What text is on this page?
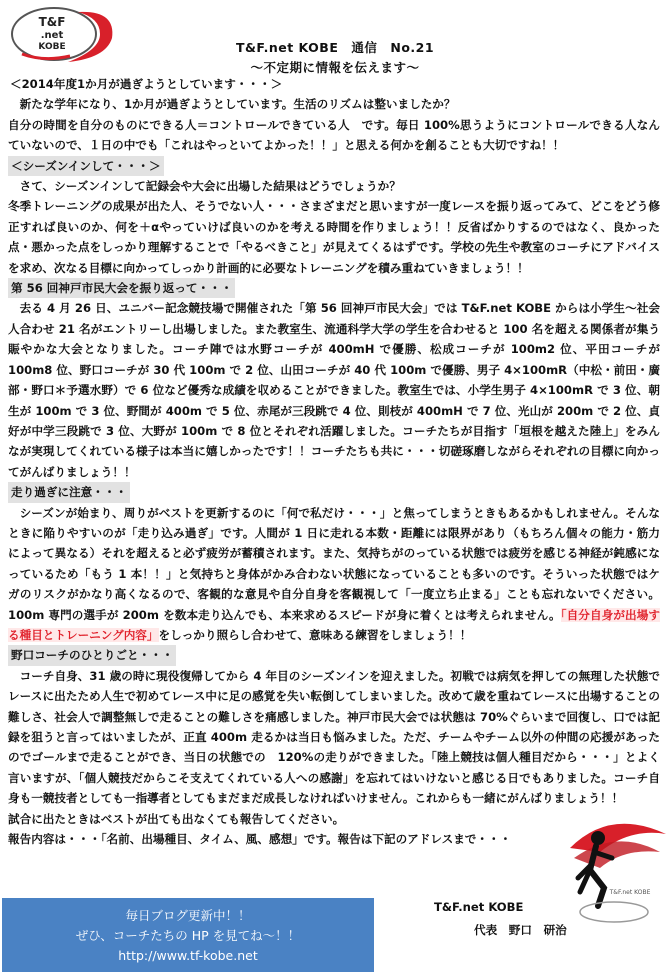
T&F
.net
KOBE	T&F.net KOBE　通信　No.21
～不定期に情報を伝えます～

＜2014年度1か月が過ぎようとしています・・・＞

新たな学年になり、1か月が過ぎようとしています。生活のリズムは整いましたか？

自分の時間を自分のものにできる人＝コントロールできている人　です。毎日 100%思うようにコントロールできる人なんていないので、１日の中でも「これはやっといてよかった！！」と思える何かを創ることも大切ですね！！

＜シーズンインして・・・＞

さて、シーズンインして記録会や大会に出場した結果はどうでしょうか？

冬季トレーニングの成果が出た人、そうでない人・・・さまざまだと思いますが一度レースを振り返ってみて、どこをどう修正すれば良いのか、何を＋αやっていけば良いのかを考える時間を作りましょう！！反省ばかりするのではなく、良かった点・悪かった点をしっかり理解することで「やるべきこと」が見えてくるはずです。学校の先生や教室のコーチにアドバイスを求め、次なる目標に向かってしっかり計画的に必要なトレーニングを積み重ねていきましょう！！

第 56 回神戸市民大会を振り返って・・・

去る 4 月 26 日、ユニバー記念競技場で開催された「第 56 回神戸市民大会」では T&F.net KOBE からは小学生～社会人合わせ 21 名がエントリーし出場しました。また教室生、流通科学大学の学生を合わせると 100 名を超える関係者が集う賑やかな大会となりました。コーチ陣では水野コーチが 400mH で優勝、松成コーチが 100m2 位、平田コーチが 100m8 位、野口コーチが 30 代 100m で 2 位、山田コーチが 40 代 100m で優勝、男子 4×100mR（中松・前田・廣部・野口＊予選水野）で 6 位など優秀な成績を収めることができました。教室生では、小学生男子 4×100mR で 3 位、朝生が 100m で 3 位、野間が 400m で 5 位、赤尾が三段跳で 4 位、則枝が 400mH で 7 位、光山が 200m で 2 位、貞好が中学三段跳で 3 位、大野が 100m で 8 位とそれぞれ活躍しました。コーチたちが目指す「垣根を越えた陸上」をみんなが実現してくれている様子は本当に嬉しかったです！！コーチたちも共に・・・切磋琢磨しながらそれぞれの目標に向かってがんばりましょう！！

走り過ぎに注意・・・

シーズンが始まり、周りがベストを更新するのに「何で私だけ・・・」と焦ってしまうときもあるかもしれません。そんなときに陥りやすいのが「走り込み過ぎ」です。人間が 1 日に走れる本数・距離には限界があり（もちろん個々の能力・筋力によって異なる）それを超えると必ず疲労が蓄積されます。また、気持ちがのっている状態では疲労を感じる神経が鈍感になっているため「もう 1 本！！」と気持ちと身体がかみ合わない状態になっていることも多いのです。そういった状態ではケガのリスクがかなり高くなるので、客観的な意見や自分自身を客観視して「一度立ち止まる」ことも忘れないでください。100m 専門の選手が 200m を数本走り込んでも、本来求めるスピードが身に着くとは考えられません。「自分自身が出場する種目とトレーニング内容」をしっかり照らし合わせて、意味ある練習をしましょう！！

野口コーチのひとりごと・・・

コーチ自身、31 歳の時に現役復帰してから 4 年目のシーズンインを迎えました。初戦では病気を押しての無理した状態でレースに出たため人生で初めてレース中に足の感覚を失い転倒してしまいました。改めて歳を重ねてレースに出場することの難しさ、社会人で調整無しで走ることの難しさを痛感しました。神戸市民大会では状態は 70%ぐらいまで回復し、口では記録を狙うと言ってはいましたが、正直 400m 走るかは当日も悩みました。ただ、チームやチーム以外の仲間の応援があったのでゴールまで走ることができ、当日の状態での　120%の走りができました。「陸上競技は個人種目だから・・・」とよく言いますが、「個人競技だからこそ支えてくれている人への感謝」を忘れてはいけないと感じる日でもありました。コーチ自身も一競技者としても一指導者としてもまだまだ成長しなければいけません。これからも一緒にがんばりましょう！！

試合に出たときはベストが出ても出なくても報告してください。

報告内容は・・・「名前、出場種目、タイム、風、感想」です。報告は下記のアドレスまで・・・

T&F.net KOBE
代表　野口　研治
T&F.net KOBE
毎日ブログ更新中！！
ぜひ、コーチたちの HP を見てね～！！
http://www.tf-kobe.net
